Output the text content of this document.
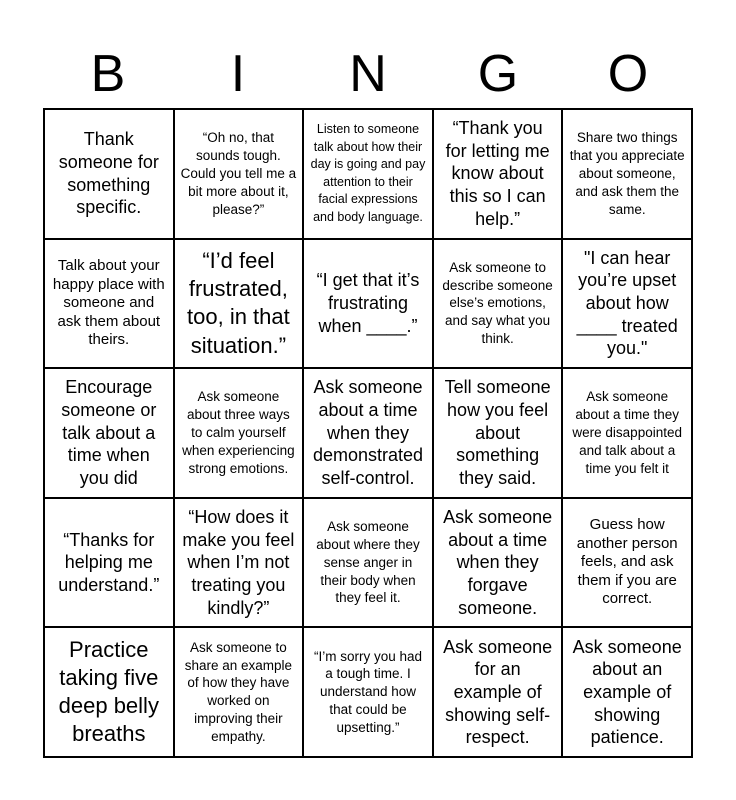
B	I	N	G	O
Thank someone for something specific.
“Oh no, that sounds tough. Could you tell me a bit more about it, please?”
Listen to someone talk about how their day is going and pay attention to their facial expressions and body language.
“Thank you for letting me know about this so I can help.”
Share two things that you appreciate about someone, and ask them the same.
Talk about your happy place with someone and ask them about theirs.
“I’d feel frustrated, too, in that situation.”
“I get that it’s frustrating when ____.”
Ask someone to describe someone else’s emotions, and say what you think.
"I can hear you’re upset about how ____ treated you."
Encourage someone or talk about a time when you did
Ask someone about three ways to calm yourself when experiencing strong emotions.
Ask someone about a time when they demonstrated self-control.
Tell someone how you feel about something they said.
Ask someone about a time they were disappointed and talk about a time you felt it
“Thanks for helping me understand.”
“How does it make you feel when I’m not treating you kindly?”
Ask someone about where they sense anger in their body when they feel it.
Ask someone about a time when they forgave someone.
Guess how another person feels, and ask them if you are correct.
Practice taking five deep belly breaths
Ask someone to share an example of how they have worked on improving their empathy.
“I’m sorry you had a tough time. I understand how that could be upsetting.”
Ask someone for an example of showing self-respect.
Ask someone about an example of showing patience.
